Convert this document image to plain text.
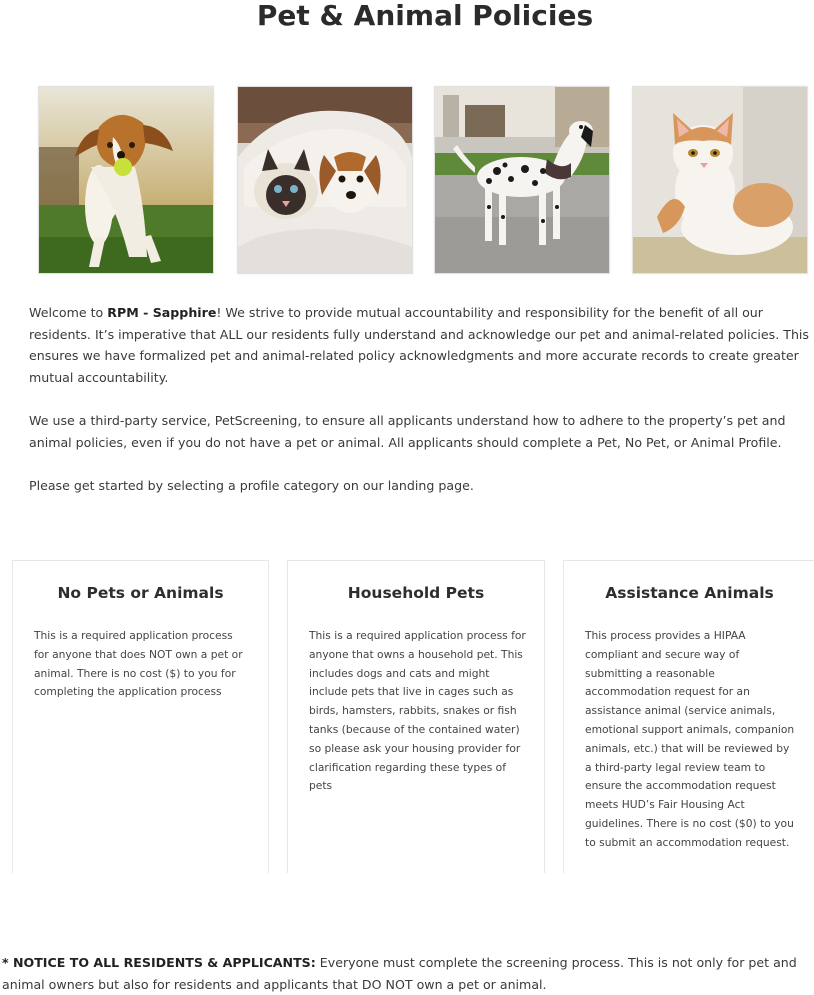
Pet & Animal Policies

Welcome to RPM - Sapphire! We strive to provide mutual accountability and responsibility for the benefit of all our residents. It’s imperative that ALL our residents fully understand and acknowledge our pet and animal-related policies. This ensures we have formalized pet and animal-related policy acknowledgments and more accurate records to create greater mutual accountability.

We use a third-party service, PetScreening, to ensure all applicants understand how to adhere to the property’s pet and animal policies, even if you do not have a pet or animal. All applicants should complete a Pet, No Pet, or Animal Profile.

Please get started by selecting a profile category on our landing page.

No Pets or Animals

This is a required application process for anyone that does NOT own a pet or animal. There is no cost ($) to you for completing the application process

Household Pets

This is a required application process for anyone that owns a household pet. This includes dogs and cats and might include pets that live in cages such as birds, hamsters, rabbits, snakes or fish tanks (because of the contained water) so please ask your housing provider for clarification regarding these types of pets

Assistance Animals

This process provides a HIPAA compliant and secure way of submitting a reasonable accommodation request for an assistance animal (service animals, emotional support animals, companion animals, etc.) that will be reviewed by a third-party legal review team to ensure the accommodation request meets HUD’s Fair Housing Act guidelines. There is no cost ($0) to you to submit an accommodation request.

* NOTICE TO ALL RESIDENTS & APPLICANTS: Everyone must complete the screening process. This is not only for pet and animal owners but also for residents and applicants that DO NOT own a pet or animal.
